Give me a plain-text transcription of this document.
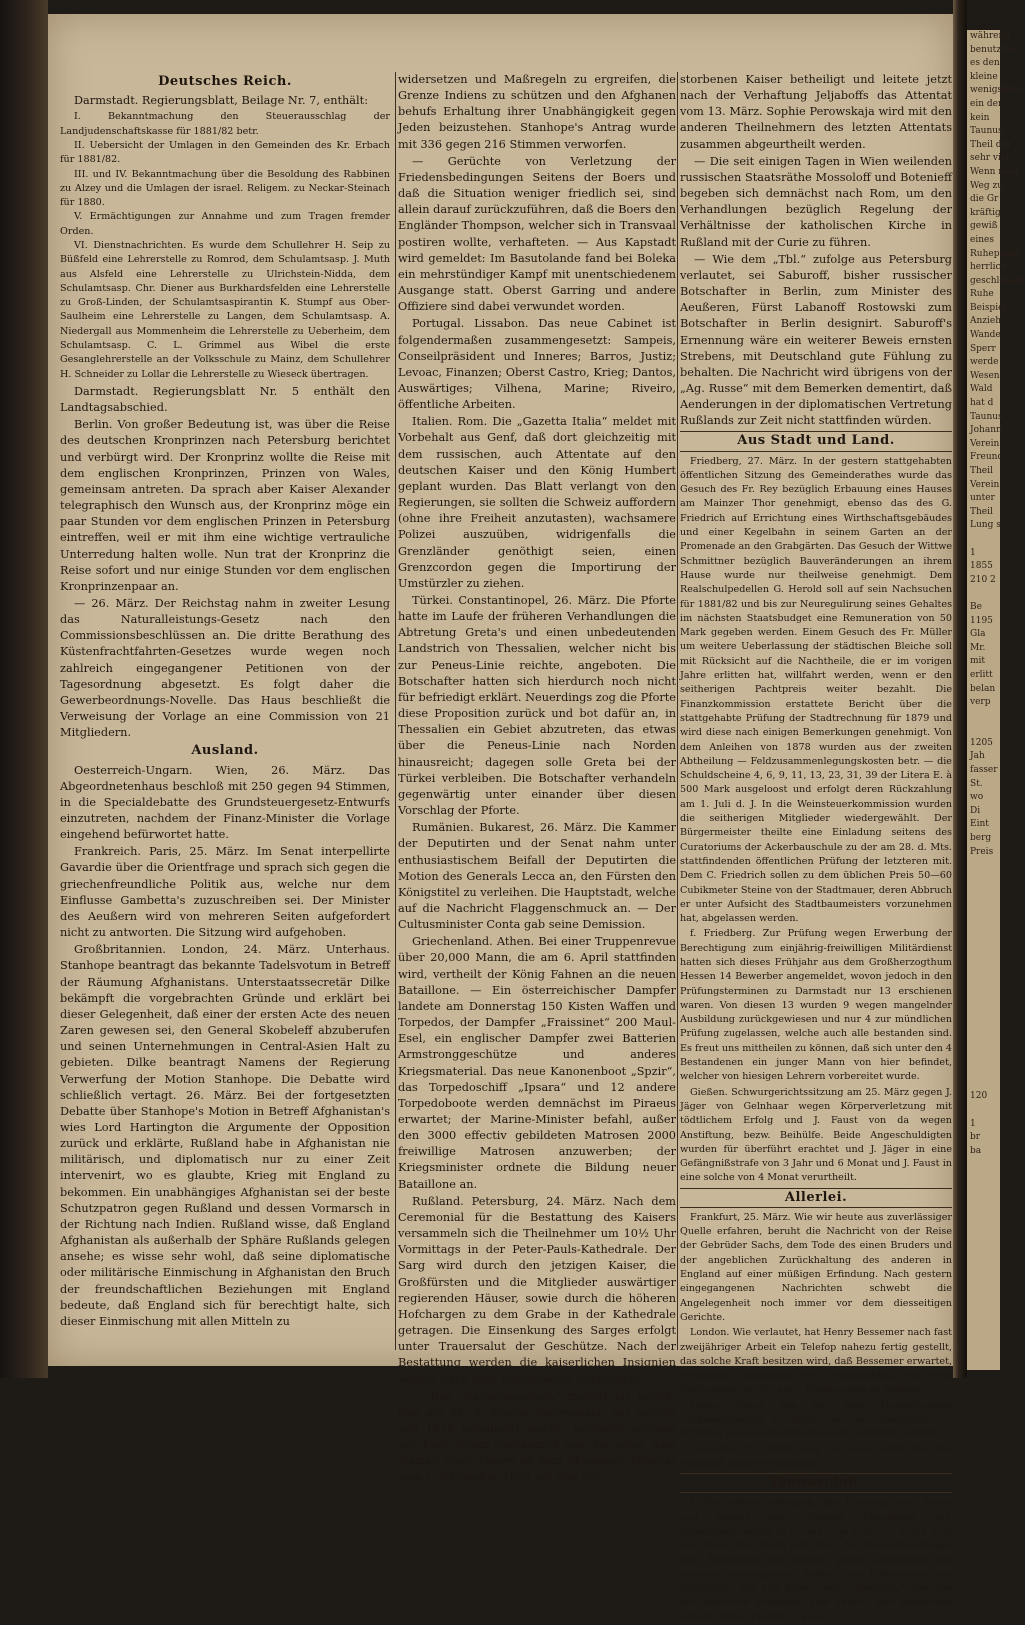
Deutsches Reich.

Darmstadt. Regierungsblatt, Beilage Nr. 7, enthält:

I. Bekanntmachung den Steuerausschlag der Landjudenschaftskasse für 1881/82 betr.
II. Uebersicht der Umlagen in den Gemeinden des Kr. Erbach für 1881/82.
III. und IV. Bekanntmachung über die Besoldung des Rabbinen zu Alzey und die Umlagen der israel. Religem. zu Neckar-Steinach für 1880.
V. Ermächtigungen zur Annahme und zum Tragen fremder Orden.
VI. Dienstnachrichten. Es wurde dem Schullehrer H. Seip zu Büßfeld eine Lehrerstelle zu Romrod, dem Schulamtsasp. J. Muth aus Alsfeld eine Lehrerstelle zu Ulrichstein-Nidda, dem Schulamtsasp. Chr. Diener aus Burkhardsfelden eine Lehrerstelle zu Groß-Linden, der Schulamtsaspirantin K. Stumpf aus Ober-Saulheim eine Lehrerstelle zu Langen, dem Schulamtsasp. A. Niedergall aus Mommenheim die Lehrerstelle zu Ueberheim, dem Schulamtsasp. C. L. Grimmel aus Wibel die erste Gesanglehrerstelle an der Volksschule zu Mainz, dem Schullehrer H. Schneider zu Lollar die Lehrerstelle zu Wieseck übertragen.

Darmstadt. Regierungsblatt Nr. 5 enthält den Landtagsabschied.

Berlin. Von großer Bedeutung ist, was über die Reise des deutschen Kronprinzen nach Petersburg berichtet und verbürgt wird. Der Kronprinz wollte die Reise mit dem englischen Kronprinzen, Prinzen von Wales, gemeinsam antreten. Da sprach aber Kaiser Alexander telegraphisch den Wunsch aus, der Kronprinz möge ein paar Stunden vor dem englischen Prinzen in Petersburg eintreffen, weil er mit ihm eine wichtige vertrauliche Unterredung halten wolle. Nun trat der Kronprinz die Reise sofort und nur einige Stunden vor dem englischen Kronprinzenpaar an.

— 26. März. Der Reichstag nahm in zweiter Lesung das Naturalleistungs-Gesetz nach den Commissionsbeschlüssen an. Die dritte Berathung des Küstenfrachtfahrten-Gesetzes wurde wegen noch zahlreich eingegangener Petitionen von der Tagesordnung abgesetzt. Es folgt daher die Gewerbeordnungs-Novelle. Das Haus beschließt die Verweisung der Vorlage an eine Commission von 21 Mitgliedern.

Ausland.

Oesterreich-Ungarn. Wien, 26. März. Das Abgeordnetenhaus beschloß mit 250 gegen 94 Stimmen, in die Specialdebatte des Grundsteuergesetz-Entwurfs einzutreten, nachdem der Finanz-Minister die Vorlage eingehend befürwortet hatte.

Frankreich. Paris, 25. März. Im Senat interpellirte Gavardie über die Orientfrage und sprach sich gegen die griechenfreundliche Politik aus, welche nur dem Einflusse Gambetta's zuzuschreiben sei. Der Minister des Aeußern wird von mehreren Seiten aufgefordert nicht zu antworten. Die Sitzung wird aufgehoben.

Großbritannien. London, 24. März. Unterhaus. Stanhope beantragt das bekannte Tadelsvotum in Betreff der Räumung Afghanistans. Unterstaatssecretär Dilke bekämpft die vorgebrachten Gründe und erklärt bei dieser Gelegenheit, daß einer der ersten Acte des neuen Zaren gewesen sei, den General Skobeleff abzuberufen und seinen Unternehmungen in Central-Asien Halt zu gebieten. Dilke beantragt Namens der Regierung Verwerfung der Motion Stanhope. Die Debatte wird schließlich vertagt. 26. März. Bei der fortgesetzten Debatte über Stanhope's Motion in Betreff Afghanistan's wies Lord Hartington die Argumente der Opposition zurück und erklärte, Rußland habe in Afghanistan nie militärisch, und diplomatisch nur zu einer Zeit intervenirt, wo es glaubte, Krieg mit England zu bekommen. Ein unabhängiges Afghanistan sei der beste Schutzpatron gegen Rußland und dessen Vormarsch in der Richtung nach Indien. Rußland wisse, daß England Afghanistan als außerhalb der Sphäre Rußlands gelegen ansehe; es wisse sehr wohl, daß seine diplomatische oder militärische Einmischung in Afghanistan den Bruch der freundschaftlichen Beziehungen mit England bedeute, daß England sich für berechtigt halte, sich dieser Einmischung mit allen Mitteln zu

widersetzen und Maßregeln zu ergreifen, die Grenze Indiens zu schützen und den Afghanen behufs Erhaltung ihrer Unabhängigkeit gegen Jeden beizustehen. Stanhope's Antrag wurde mit 336 gegen 216 Stimmen verworfen.

— Gerüchte von Verletzung der Friedensbedingungen Seitens der Boers und daß die Situation weniger friedlich sei, sind allein darauf zurückzuführen, daß die Boers den Engländer Thompson, welcher sich in Transvaal postiren wollte, verhafteten. — Aus Kapstadt wird gemeldet: Im Basutolande fand bei Boleka ein mehrstündiger Kampf mit unentschiedenem Ausgange statt. Oberst Garring und andere Offiziere sind dabei verwundet worden.

Portugal. Lissabon. Das neue Cabinet ist folgendermaßen zusammengesetzt: Sampeis, Conseilpräsident und Inneres; Barros, Justiz; Levoac, Finanzen; Oberst Castro, Krieg; Dantos, Auswärtiges; Vilhena, Marine; Riveiro, öffentliche Arbeiten.

Italien. Rom. Die „Gazetta Italia“ meldet mit Vorbehalt aus Genf, daß dort gleichzeitig mit dem russischen, auch Attentate auf den deutschen Kaiser und den König Humbert geplant wurden. Das Blatt verlangt von den Regierungen, sie sollten die Schweiz auffordern (ohne ihre Freiheit anzutasten), wachsamere Polizei auszuüben, widrigenfalls die Grenzländer genöthigt seien, einen Grenzcordon gegen die Importirung der Umstürzler zu ziehen.

Türkei. Constantinopel, 26. März. Die Pforte hatte im Laufe der früheren Verhandlungen die Abtretung Greta's und einen unbedeutenden Landstrich von Thessalien, welcher nicht bis zur Peneus-Linie reichte, angeboten. Die Botschafter hatten sich hierdurch noch nicht für befriedigt erklärt. Neuerdings zog die Pforte diese Proposition zurück und bot dafür an, in Thessalien ein Gebiet abzutreten, das etwas über die Peneus-Linie nach Norden hinausreicht; dagegen solle Greta bei der Türkei verbleiben. Die Botschafter verhandeln gegenwärtig unter einander über diesen Vorschlag der Pforte.

Rumänien. Bukarest, 26. März. Die Kammer der Deputirten und der Senat nahm unter enthusiastischem Beifall der Deputirten die Motion des Generals Lecca an, den Fürsten den Königstitel zu verleihen. Die Hauptstadt, welche auf die Nachricht Flaggenschmuck an. — Der Cultusminister Conta gab seine Demission.

Griechenland. Athen. Bei einer Truppenrevue über 20,000 Mann, die am 6. April stattfinden wird, vertheilt der König Fahnen an die neuen Bataillone. — Ein österreichischer Dampfer landete am Donnerstag 150 Kisten Waffen und Torpedos, der Dampfer „Fraissinet“ 200 Maul-Esel, ein englischer Dampfer zwei Batterien Armstronggeschütze und anderes Kriegsmaterial. Das neue Kanonenboot „Spzir“, das Torpedoschiff „Ipsara“ und 12 andere Torpedoboote werden demnächst im Piraeus erwartet; der Marine-Minister befahl, außer den 3000 effectiv gebildeten Matrosen 2000 freiwillige Matrosen anzuwerben; der Kriegsminister ordnete die Bildung neuer Bataillone an.

Rußland. Petersburg, 24. März. Nach dem Ceremonial für die Bestattung des Kaisers versammeln sich die Theilnehmer um 10½ Uhr Vormittags in der Peter-Pauls-Kathedrale. Der Sarg wird durch den jetzigen Kaiser, die Großfürsten und die Mitglieder auswärtiger regierenden Häuser, sowie durch die höheren Hofchargen zu dem Grabe in der Kathedrale getragen. Die Einsenkung des Sarges erfolgt unter Trauersalut der Geschütze. Nach der Bestattung werden die kaiserlichen Insignien wieder nach dem Winterpalais überbracht.

— Der „Regierungsbote“ meldet als gewiß, daß am 22. d. Sophie Perowskaja, auf welche seit 1878 gefahndet wurde, verhaftet worden sei. Laut ihrem Geständniß war sie unter dem Namen Suchorukow an dem Moskauer Attentat vom 1. December 1879 auf den ver-

storbenen Kaiser betheiligt und leitete jetzt nach der Verhaftung Jeljaboffs das Attentat vom 13. März. Sophie Perowskaja wird mit den anderen Theilnehmern des letzten Attentats zusammen abgeurtheilt werden.

— Die seit einigen Tagen in Wien weilenden russischen Staatsräthe Mossoloff und Botenieff begeben sich demnächst nach Rom, um den Verhandlungen bezüglich Regelung der Verhältnisse der katholischen Kirche in Rußland mit der Curie zu führen.

— Wie dem „Tbl.“ zufolge aus Petersburg verlautet, sei Saburoff, bisher russischer Botschafter in Berlin, zum Minister des Aeußeren, Fürst Labanoff Rostowski zum Botschafter in Berlin designirt. Saburoff's Ernennung wäre ein weiterer Beweis ernsten Strebens, mit Deutschland gute Fühlung zu behalten. Die Nachricht wird übrigens von der „Ag. Russe“ mit dem Bemerken dementirt, daß Aenderungen in der diplomatischen Vertretung Rußlands zur Zeit nicht stattfinden würden.

Aus Stadt und Land.

Friedberg, 27. März. In der gestern stattgehabten öffentlichen Sitzung des Gemeinderathes wurde das Gesuch des Fr. Rey bezüglich Erbauung eines Hauses am Mainzer Thor genehmigt, ebenso das des G. Friedrich auf Errichtung eines Wirthschaftsgebäudes und einer Kegelbahn in seinem Garten an der Promenade an den Grabgärten. Das Gesuch der Wittwe Schmittner bezüglich Bauveränderungen an ihrem Hause wurde nur theilweise genehmigt. Dem Realschulpedellen G. Herold soll auf sein Nachsuchen für 1881/82 und bis zur Neuregulirung seines Gehaltes im nächsten Staatsbudget eine Remuneration von 50 Mark gegeben werden. Einem Gesuch des Fr. Müller um weitere Ueberlassung der städtischen Bleiche soll mit Rücksicht auf die Nachtheile, die er im vorigen Jahre erlitten hat, willfahrt werden, wenn er den seitherigen Pachtpreis weiter bezahlt. Die Finanzkommission erstattete Bericht über die stattgehabte Prüfung der Stadtrechnung für 1879 und wird diese nach einigen Bemerkungen genehmigt. Von dem Anleihen von 1878 wurden aus der zweiten Abtheilung — Feldzusammenlegungskosten betr. — die Schuldscheine 4, 6, 9, 11, 13, 23, 31, 39 der Litera E. à 500 Mark ausgeloost und erfolgt deren Rückzahlung am 1. Juli d. J. In die Weinsteuerkommission wurden die seitherigen Mitglieder wiedergewählt. Der Bürgermeister theilte eine Einladung seitens des Curatoriums der Ackerbauschule zu der am 28. d. Mts. stattfindenden öffentlichen Prüfung der letzteren mit. Dem C. Friedrich sollen zu dem üblichen Preis 50—60 Cubikmeter Steine von der Stadtmauer, deren Abbruch er unter Aufsicht des Stadtbaumeisters vorzunehmen hat, abgelassen werden.

f. Friedberg. Zur Prüfung wegen Erwerbung der Berechtigung zum einjährig-freiwilligen Militärdienst hatten sich dieses Frühjahr aus dem Großherzogthum Hessen 14 Bewerber angemeldet, wovon jedoch in den Prüfungsterminen zu Darmstadt nur 13 erschienen waren. Von diesen 13 wurden 9 wegen mangelnder Ausbildung zurückgewiesen und nur 4 zur mündlichen Prüfung zugelassen, welche auch alle bestanden sind. Es freut uns mittheilen zu können, daß sich unter den 4 Bestandenen ein junger Mann von hier befindet, welcher von hiesigen Lehrern vorbereitet wurde.

Gießen. Schwurgerichtssitzung am 25. März gegen J. Jäger von Gelnhaar wegen Körperverletzung mit tödtlichem Erfolg und J. Faust von da wegen Anstiftung, bezw. Beihülfe. Beide Angeschuldigten wurden für überführt erachtet und J. Jäger in eine Gefängnißstrafe von 3 Jahr und 6 Monat und J. Faust in eine solche von 4 Monat verurtheilt.

Allerlei.

Frankfurt, 25. März. Wie wir heute aus zuverlässiger Quelle erfahren, beruht die Nachricht von der Reise der Gebrüder Sachs, dem Tode des einen Bruders und der angeblichen Zurückhaltung des anderen in England auf einer müßigen Erfindung. Nach gestern eingegangenen Nachrichten schwebt die Angelegenheit noch immer vor dem diesseitigen Gerichte.

London. Wie verlautet, hat Henry Bessemer nach fast zweijähriger Arbeit ein Telefop nahezu fertig gestellt, das solche Kraft besitzen wird, daß Bessemer erwartet, vermittelst desselben ein Zeitungsblatt auf eine Entfernung von 3½ engl. Meilen lesen zu können.

Nizza. Unter den bei dem Theaterbrande Umgekommenen ist bisher nur ein Deutscher Dr. Schilling aus Neustadt-Eberswalde, ermittelt worden.

Newyork, 25. März. Aus St. Louis wird der Tod Friedrich Hecker's gemeldet.

Taunusclub.

F. Die schöne Jahreszeit, der Frühling, naht heran und fordert den rüstigen Fußgänger auf, hinauszuschweifen in Gottes freie Natur — durch Feld und Wald, über Berg und Thal. Als Hauptanziehungs- und Zielpunkte des Taunus gelten gewöhnlich die schönen romantischen Ruinen von Falkenstein und Königstein, das alte Römercastel „Saalburg“ oder gar der stattliche Feldberg. Der Tourist par excellence erreicht diese Punkte zu Fuß,

währenb
benutzten
es den
kleine
wenigstens
ein den
kein
Taunus
Theil der
sehr viel
Wenn man
Weg zu
die Gr
kräftig
gewiß
eines
Ruhepunkt
herrlich
geschlossen
Ruhe
Beispiel
Anzieh
Wande
Sperr
werde
Wesen
Wald
hat d
Taunus
Johann
Verein
Freund
Theil
Verein
unter
Theil
Lung s

1
1855
210 2

Be
1195
Gla
Mr.
mit
erlitt
belan
verp

1205
Jah
fasser
St.
wo
Di
Eint
berg
Preis

120

1
br
ba
